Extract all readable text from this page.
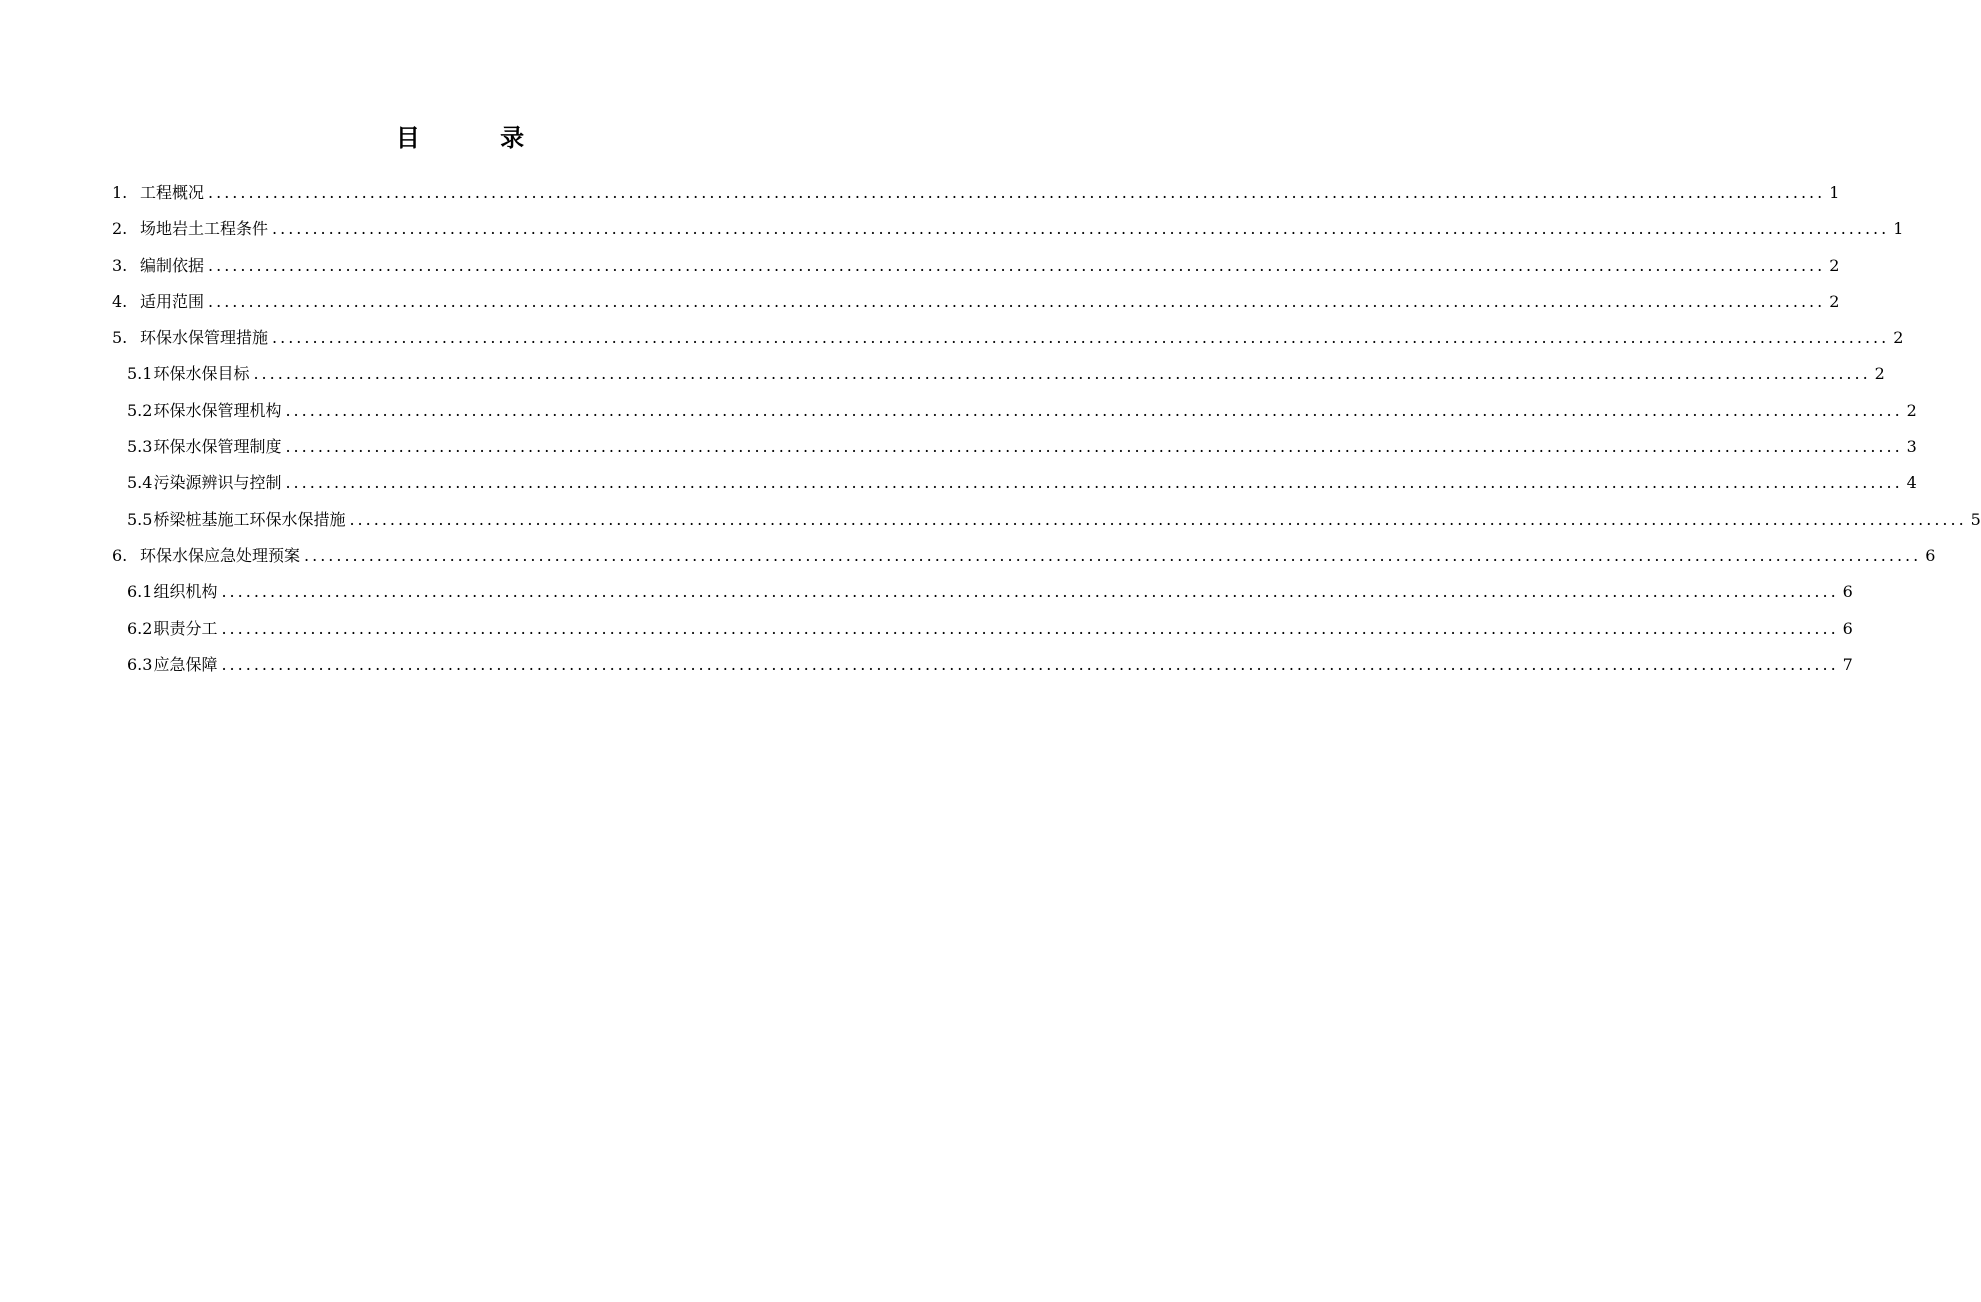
目 录
1. 工程概况 ........................................................................................................................................................................................................ 1
2. 场地岩土工程条件 ........................................................................................................................................................................................................ 1
3. 编制依据 ........................................................................................................................................................................................................ 2
4. 适用范围 ........................................................................................................................................................................................................ 2
5. 环保水保管理措施 ........................................................................................................................................................................................................ 2
5.1 环保水保目标 ........................................................................................................................................................................................................ 2
5.2 环保水保管理机构 ........................................................................................................................................................................................................ 2
5.3 环保水保管理制度 ........................................................................................................................................................................................................ 3
5.4 污染源辨识与控制 ........................................................................................................................................................................................................ 4
5.5 桥梁桩基施工环保水保措施 ........................................................................................................................................................................................................ 5
6. 环保水保应急处理预案 ........................................................................................................................................................................................................ 6
6.1 组织机构 ........................................................................................................................................................................................................ 6
6.2 职责分工 ........................................................................................................................................................................................................ 6
6.3 应急保障 ........................................................................................................................................................................................................ 7
